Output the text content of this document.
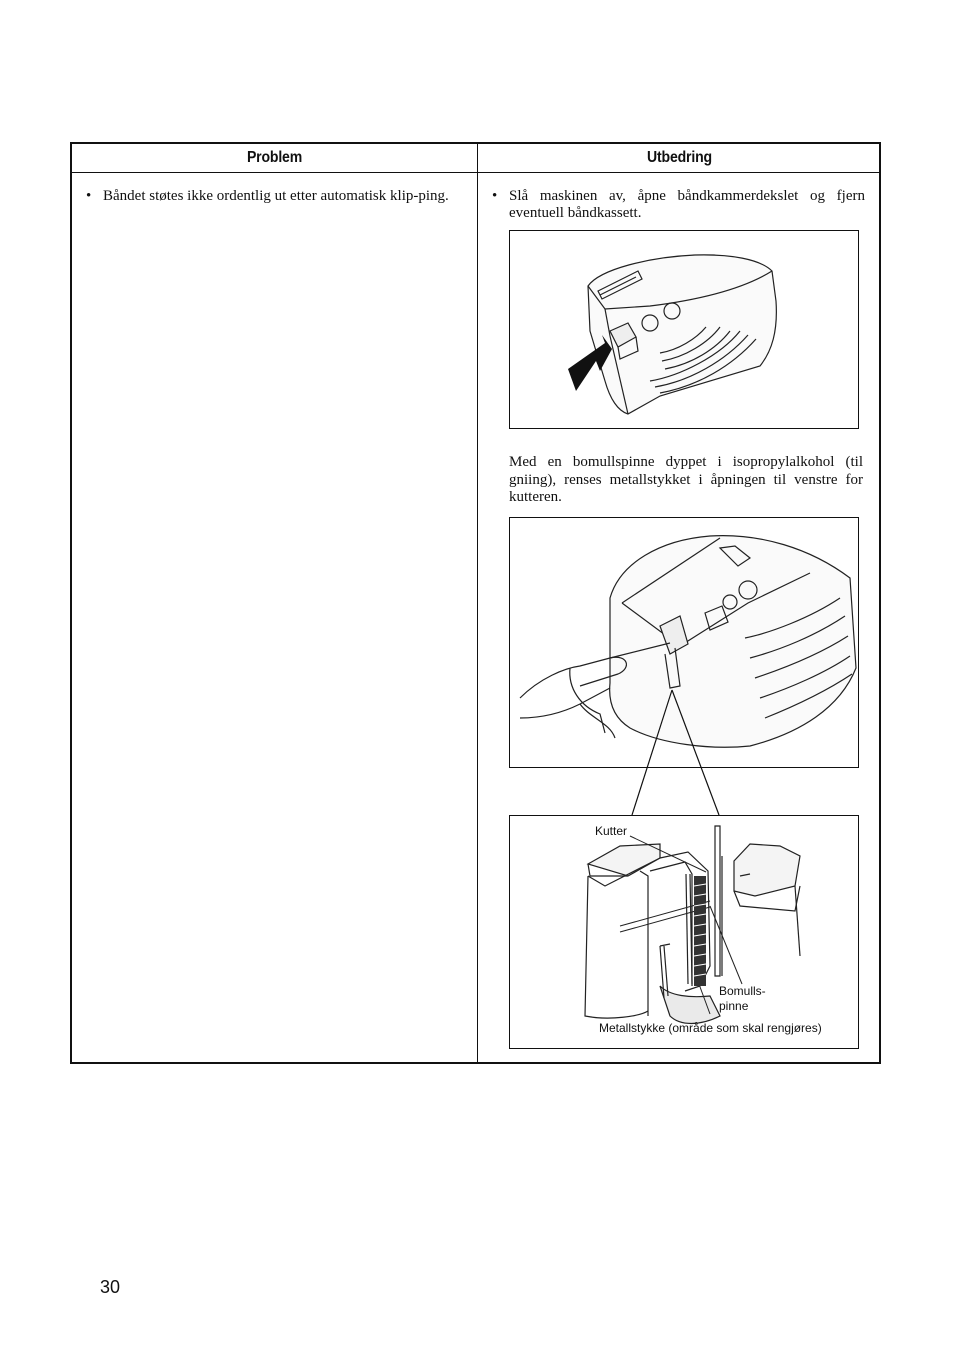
Problem	Utbedring
• Båndet støtes ikke ordentlig ut etter automatisk klip-ping.	• Slå maskinen av, åpne båndkammerdekslet og fjern eventuell båndkassett.
Med en bomullspinne dyppet i isopropylalkohol (til gniing), renses metallstykket i åpningen til venstre for kutteren.
Kutter
Bomulls-
pinne
Metallstykke (område som skal rengjøres)
30
